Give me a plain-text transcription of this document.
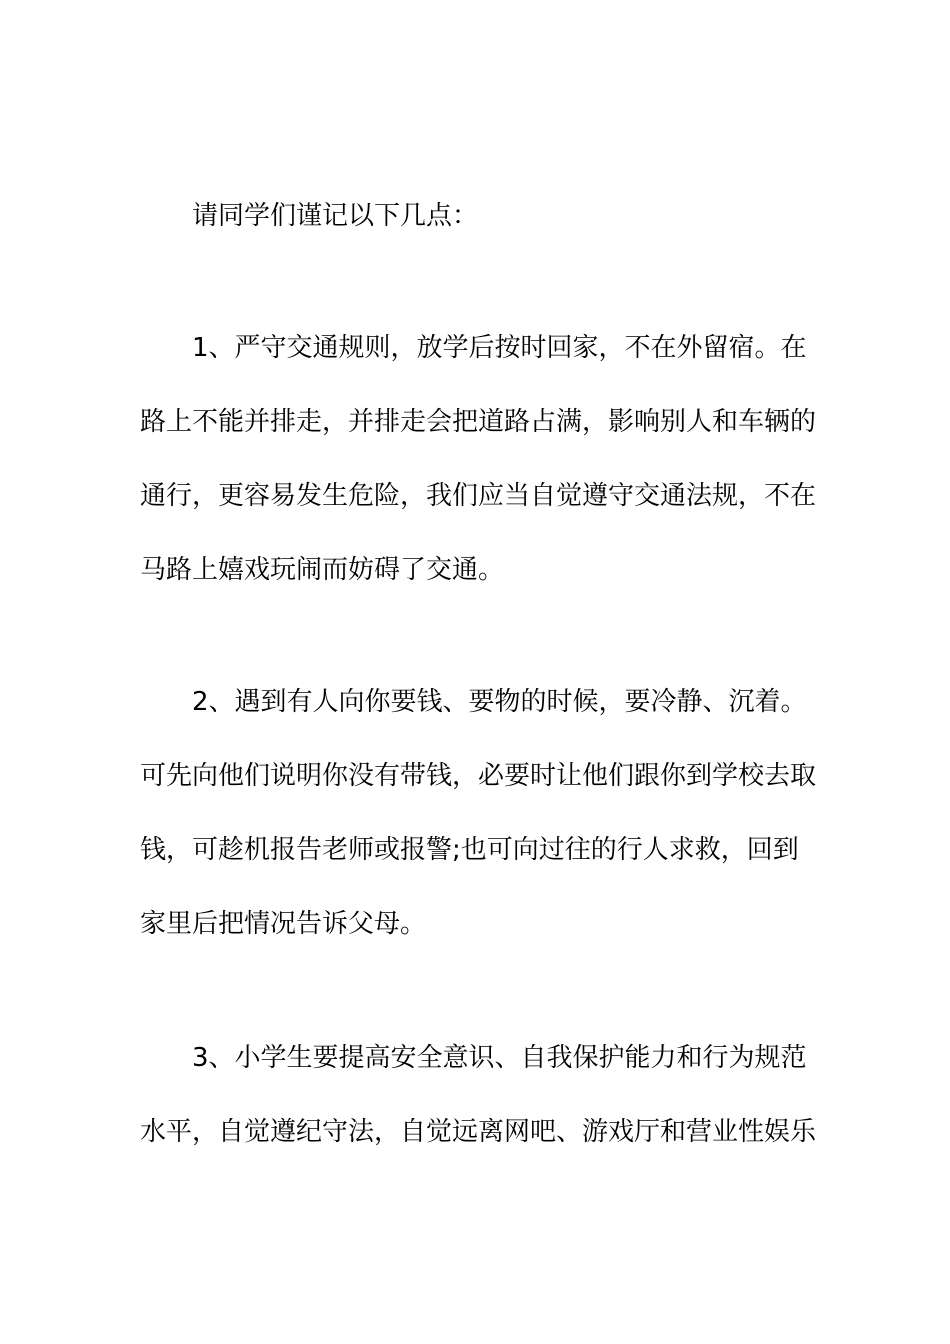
请同学们谨记以下几点：
1、严守交通规则，放学后按时回家，不在外留宿。在
路上不能并排走，并排走会把道路占满，影响别人和车辆的
通行，更容易发生危险，我们应当自觉遵守交通法规，不在
马路上嬉戏玩闹而妨碍了交通。
2、遇到有人向你要钱、要物的时候，要冷静、沉着。
可先向他们说明你没有带钱，必要时让他们跟你到学校去取
钱，可趁机报告老师或报警;也可向过往的行人求救，回到
家里后把情况告诉父母。
3、小学生要提高安全意识、自我保护能力和行为规范
水平，自觉遵纪守法，自觉远离网吧、游戏厅和营业性娱乐
